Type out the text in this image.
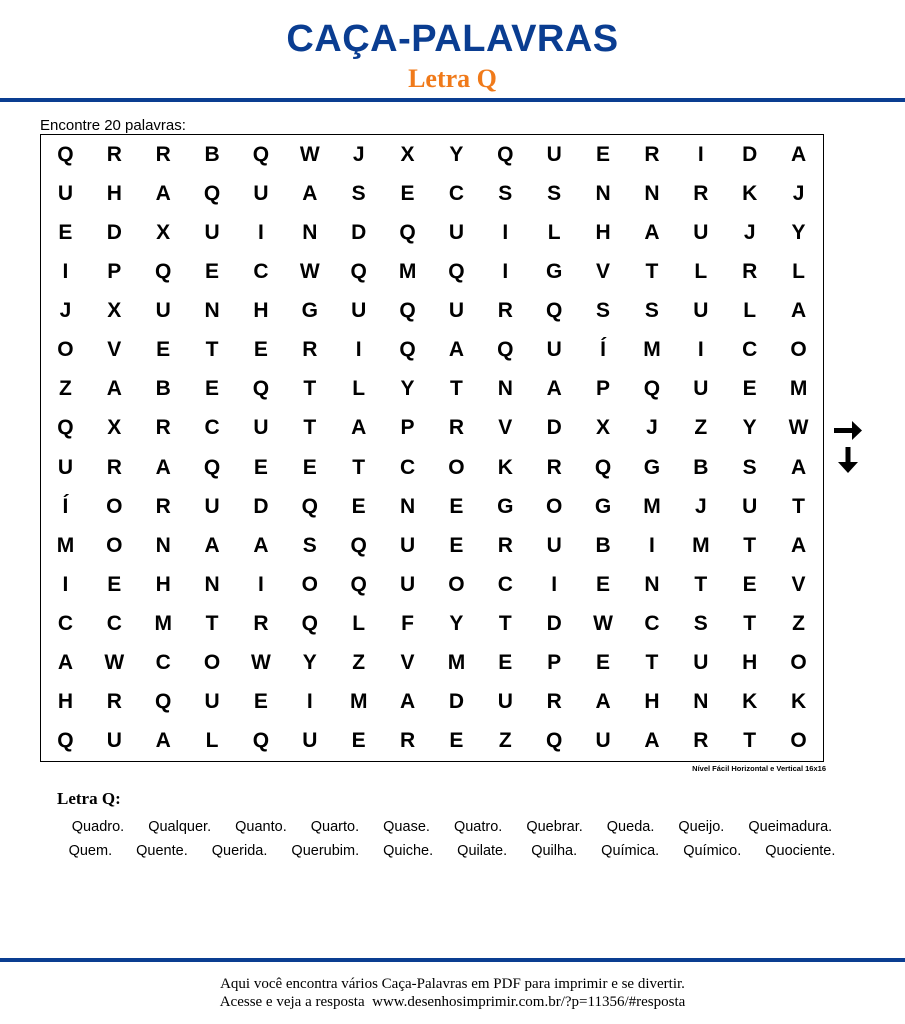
CAÇA-PALAVRAS
Letra Q
Encontre 20 palavras:
Q	R	R	B	Q	W	J	X	Y	Q	U	E	R	I	D	A
U	H	A	Q	U	A	S	E	C	S	S	N	N	R	K	J
E	D	X	U	I	N	D	Q	U	I	L	H	A	U	J	Y
I	P	Q	E	C	W	Q	M	Q	I	G	V	T	L	R	L
J	X	U	N	H	G	U	Q	U	R	Q	S	S	U	L	A
O	V	E	T	E	R	I	Q	A	Q	U	Í	M	I	C	O
Z	A	B	E	Q	T	L	Y	T	N	A	P	Q	U	E	M
Q	X	R	C	U	T	A	P	R	V	D	X	J	Z	Y	W
U	R	A	Q	E	E	T	C	O	K	R	Q	G	B	S	A
Í	O	R	U	D	Q	E	N	E	G	O	G	M	J	U	T
M	O	N	A	A	S	Q	U	E	R	U	B	I	M	T	A
I	E	H	N	I	O	Q	U	O	C	I	E	N	T	E	V
C	C	M	T	R	Q	L	F	Y	T	D	W	C	S	T	Z
A	W	C	O	W	Y	Z	V	M	E	P	E	T	U	H	O
H	R	Q	U	E	I	M	A	D	U	R	A	H	N	K	K
Q	U	A	L	Q	U	E	R	E	Z	Q	U	A	R	T	O
Nível Fácil Horizontal e Vertical 16x16
Letra Q:
Quadro. Qualquer. Quanto. Quarto. Quase. Quatro. Quebrar. Queda. Queijo. Queimadura. Quem. Quente. Querida. Querubim. Quiche. Quilate. Quilha. Química. Químico. Quociente.
Aqui você encontra vários Caça-Palavras em PDF para imprimir e se divertir.
Acesse e veja a resposta  www.desenhosimprimir.com.br/?p=11356/#resposta
